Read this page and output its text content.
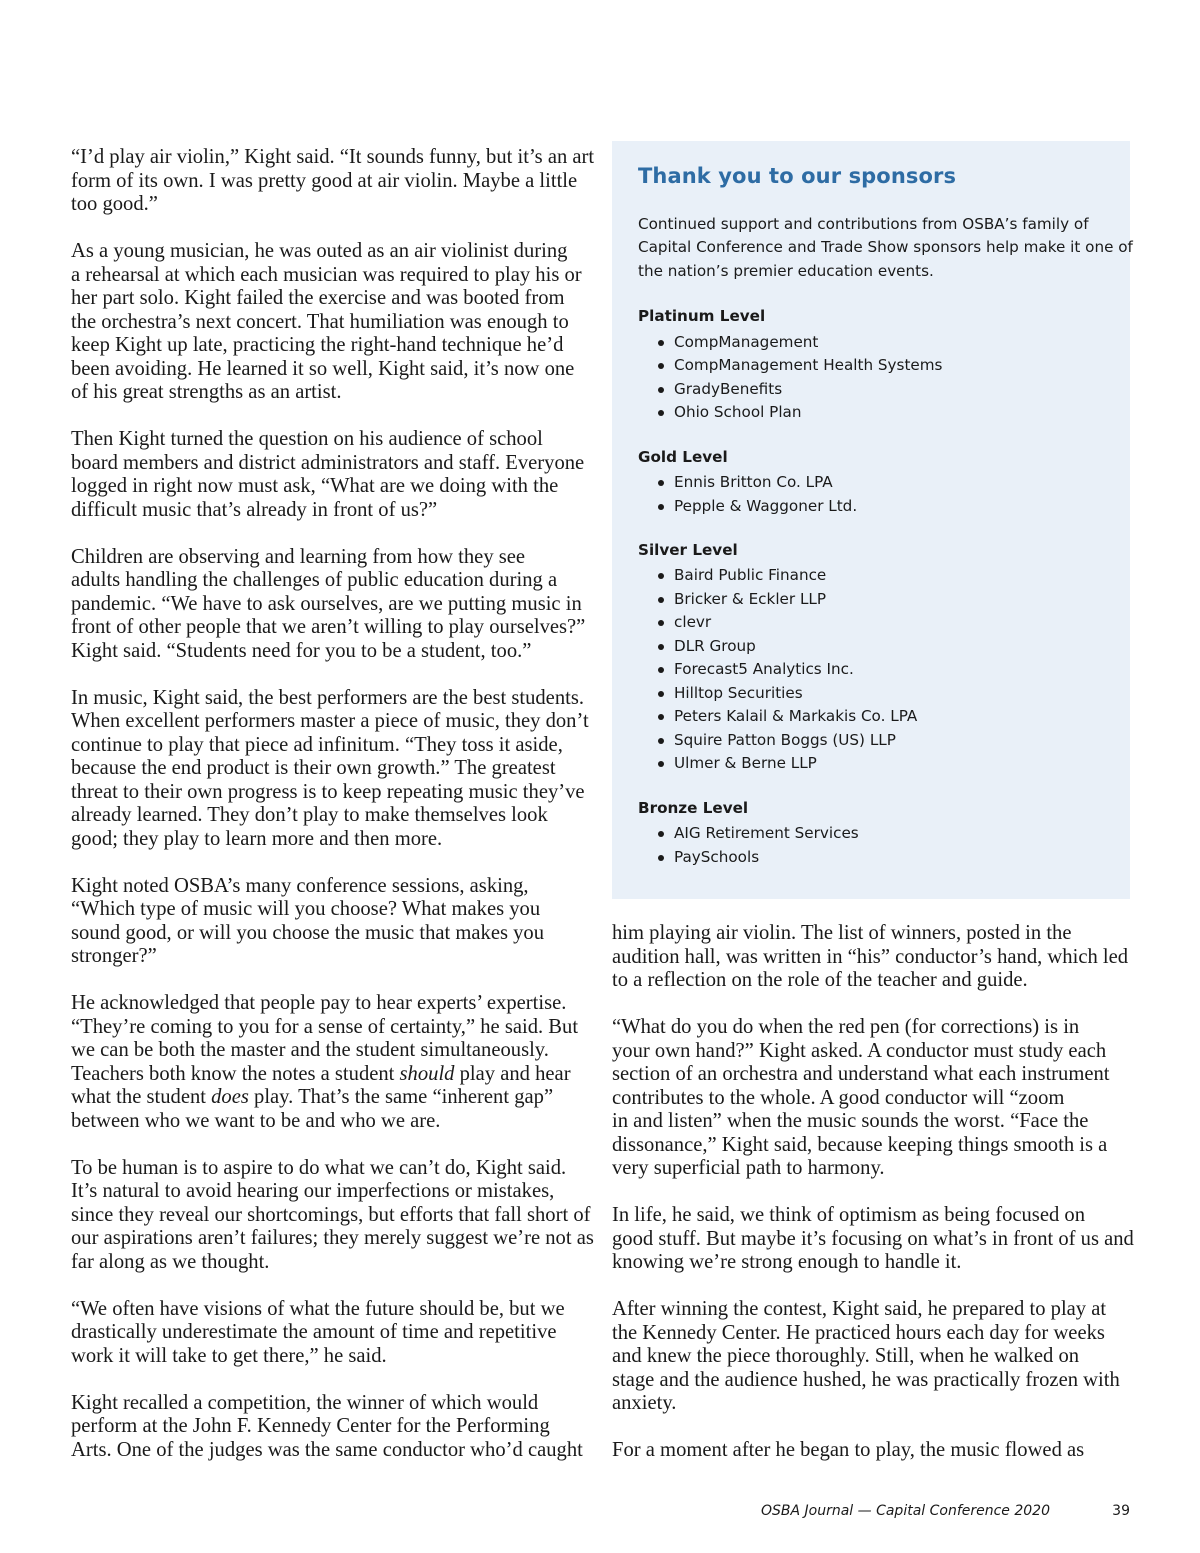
“I’d play air violin,” Kight said. “It sounds funny, but it’s an art
form of its own. I was pretty good at air violin. Maybe a little
too good.”

As a young musician, he was outed as an air violinist during
a rehearsal at which each musician was required to play his or
her part solo. Kight failed the exercise and was booted from
the orchestra’s next concert. That humiliation was enough to
keep Kight up late, practicing the right-hand technique he’d
been avoiding. He learned it so well, Kight said, it’s now one
of his great strengths as an artist.

Then Kight turned the question on his audience of school
board members and district administrators and staff. Everyone
logged in right now must ask, “What are we doing with the
difficult music that’s already in front of us?”

Children are observing and learning from how they see
adults handling the challenges of public education during a
pandemic. “We have to ask ourselves, are we putting music in
front of other people that we aren’t willing to play ourselves?”
Kight said. “Students need for you to be a student, too.”

In music, Kight said, the best performers are the best students.
When excellent performers master a piece of music, they don’t
continue to play that piece ad infinitum. “They toss it aside,
because the end product is their own growth.” The greatest
threat to their own progress is to keep repeating music they’ve
already learned. They don’t play to make themselves look
good; they play to learn more and then more.

Kight noted OSBA’s many conference sessions, asking,
“Which type of music will you choose? What makes you
sound good, or will you choose the music that makes you
stronger?”

He acknowledged that people pay to hear experts’ expertise.
“They’re coming to you for a sense of certainty,” he said. But
we can be both the master and the student simultaneously.
Teachers both know the notes a student should play and hear
what the student does play. That’s the same “inherent gap”
between who we want to be and who we are.

To be human is to aspire to do what we can’t do, Kight said.
It’s natural to avoid hearing our imperfections or mistakes,
since they reveal our shortcomings, but efforts that fall short of
our aspirations aren’t failures; they merely suggest we’re not as
far along as we thought.

“We often have visions of what the future should be, but we
drastically underestimate the amount of time and repetitive
work it will take to get there,” he said.

Kight recalled a competition, the winner of which would
perform at the John F. Kennedy Center for the Performing
Arts. One of the judges was the same conductor who’d caught

Thank you to our sponsors

Continued support and contributions from OSBA’s family of
Capital Conference and Trade Show sponsors help make it one of
the nation’s premier education events.

Platinum Level

CompManagement
CompManagement Health Systems
GradyBenefits
Ohio School Plan

Gold Level

Ennis Britton Co. LPA
Pepple & Waggoner Ltd.

Silver Level

Baird Public Finance
Bricker & Eckler LLP
clevr
DLR Group
Forecast5 Analytics Inc.
Hilltop Securities
Peters Kalail & Markakis Co. LPA
Squire Patton Boggs (US) LLP
Ulmer & Berne LLP

Bronze Level

AIG Retirement Services
PaySchools

him playing air violin. The list of winners, posted in the
audition hall, was written in “his” conductor’s hand, which led
to a reflection on the role of the teacher and guide.

“What do you do when the red pen (for corrections) is in
your own hand?” Kight asked. A conductor must study each
section of an orchestra and understand what each instrument
contributes to the whole. A good conductor will “zoom
in and listen” when the music sounds the worst. “Face the
dissonance,” Kight said, because keeping things smooth is a
very superficial path to harmony.

In life, he said, we think of optimism as being focused on
good stuff. But maybe it’s focusing on what’s in front of us and
knowing we’re strong enough to handle it.

After winning the contest, Kight said, he prepared to play at
the Kennedy Center. He practiced hours each day for weeks
and knew the piece thoroughly. Still, when he walked on
stage and the audience hushed, he was practically frozen with
anxiety.

For a moment after he began to play, the music flowed as

OSBA Journal — Capital Conference 2020	39
